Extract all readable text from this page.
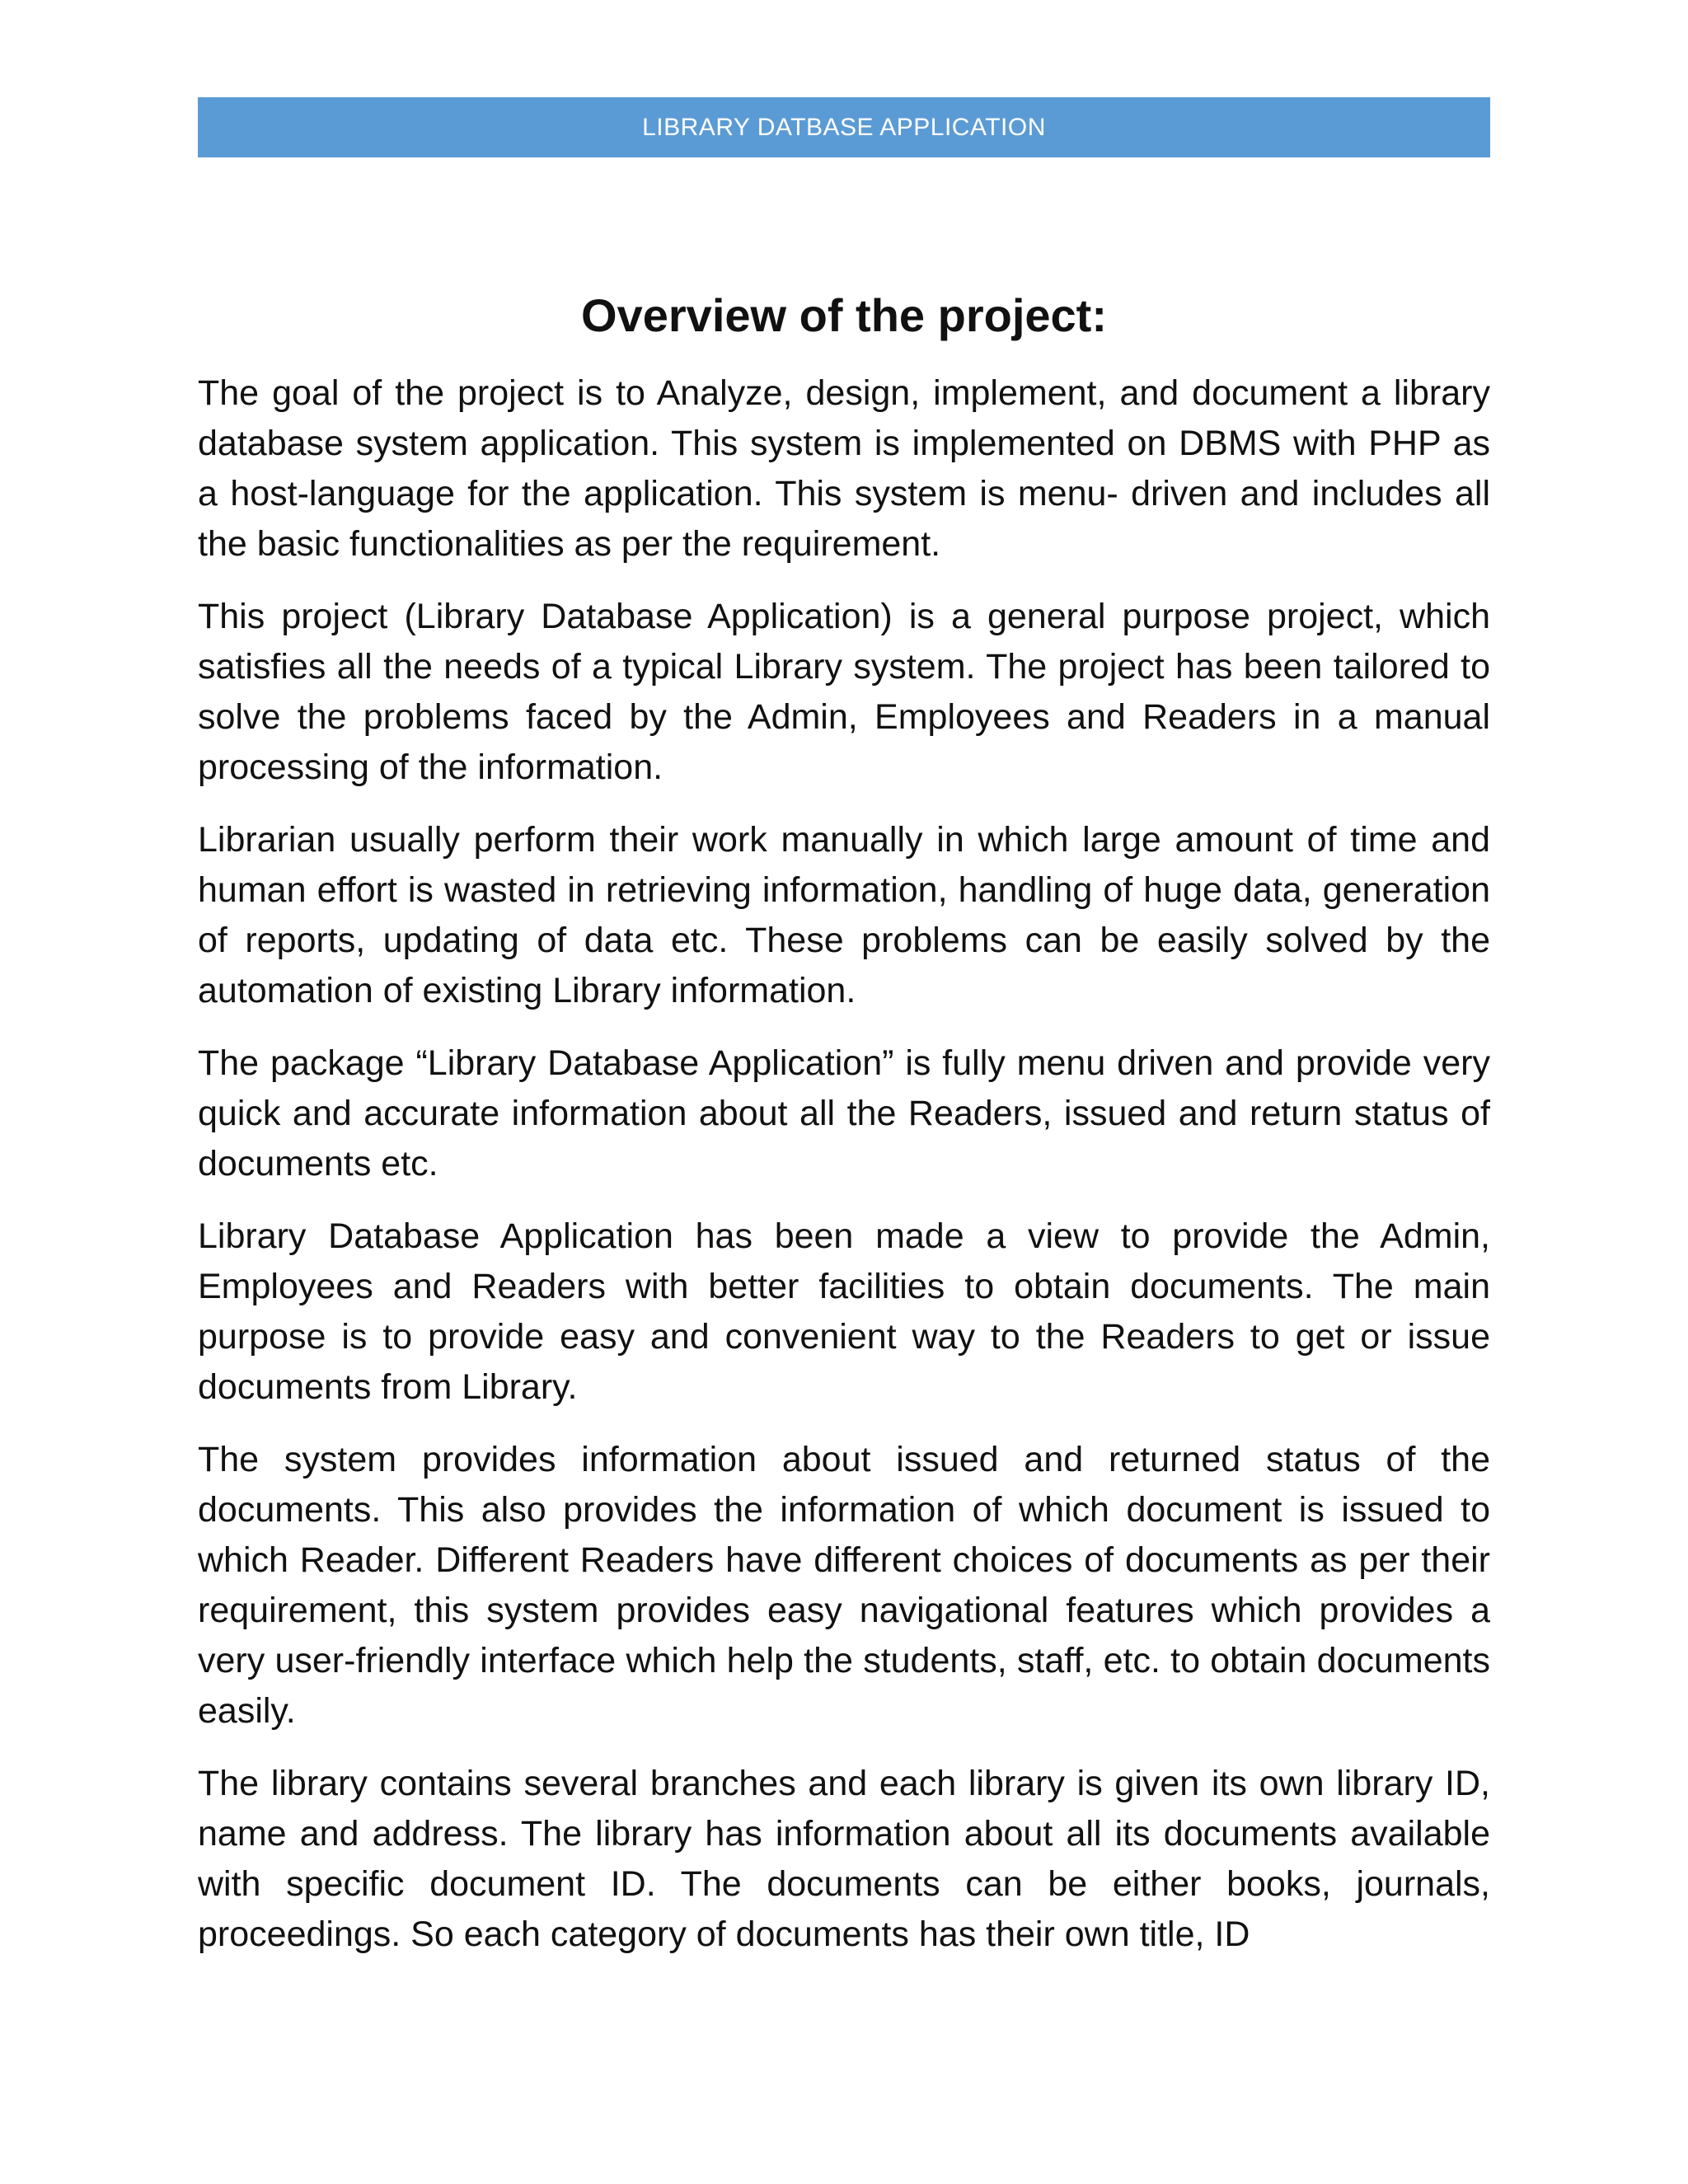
LIBRARY DATBASE APPLICATION
Overview of the project:

The goal of the project is to Analyze, design, implement, and document a library database system application. This system is implemented on DBMS with PHP as a host-language for the application. This system is menu- driven and includes all the basic functionalities as per the requirement.

This project (Library Database Application) is a general purpose project, which satisfies all the needs of a typical Library system. The project has been tailored to solve the problems faced by the Admin, Employees and Readers in a manual processing of the information.

Librarian usually perform their work manually in which large amount of time and human effort is wasted in retrieving information, handling of huge data, generation of reports, updating of data etc. These problems can be easily solved by the automation of existing Library information.

The package “Library Database Application” is fully menu driven and provide very quick and accurate information about all the Readers, issued and return status of documents etc.

Library Database Application has been made a view to provide the Admin, Employees and Readers with better facilities to obtain documents. The main purpose is to provide easy and convenient way to the Readers to get or issue documents from Library.

The system provides information about issued and returned status of the documents. This also provides the information of which document is issued to which Reader. Different Readers have different choices of documents as per their requirement, this system provides easy navigational features which provides a very user-friendly interface which help the students, staff, etc. to obtain documents easily.

The library contains several branches and each library is given its own library ID, name and address. The library has information about all its documents available with specific document ID. The documents can be either books, journals, proceedings. So each category of documents has their own title, ID
